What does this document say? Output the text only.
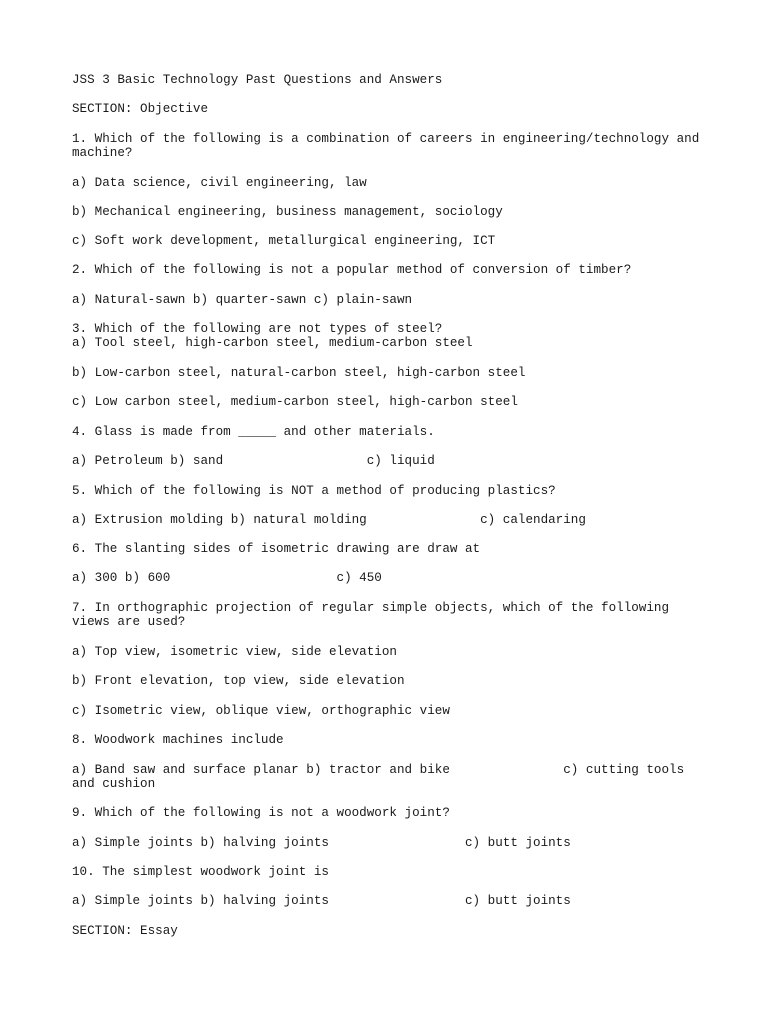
JSS 3 Basic Technology Past Questions and Answers
SECTION: Objective
1. Which of the following is a combination of careers in engineering/technology and
machine?
a) Data science, civil engineering, law
b) Mechanical engineering, business management, sociology
c) Soft work development, metallurgical engineering, ICT
2. Which of the following is not a popular method of conversion of timber?
a) Natural-sawn b) quarter-sawn c) plain-sawn
3. Which of the following are not types of steel?
a) Tool steel, high-carbon steel, medium-carbon steel
b) Low-carbon steel, natural-carbon steel, high-carbon steel
c) Low carbon steel, medium-carbon steel, high-carbon steel
4. Glass is made from _____ and other materials.
a) Petroleum b) sand                   c) liquid
5. Which of the following is NOT a method of producing plastics?
a) Extrusion molding b) natural molding               c) calendaring
6. The slanting sides of isometric drawing are draw at
a) 300 b) 600                      c) 450
7. In orthographic projection of regular simple objects, which of the following
views are used?
a) Top view, isometric view, side elevation
b) Front elevation, top view, side elevation
c) Isometric view, oblique view, orthographic view
8. Woodwork machines include
a) Band saw and surface planar b) tractor and bike               c) cutting tools
and cushion
9. Which of the following is not a woodwork joint?
a) Simple joints b) halving joints                  c) butt joints
10. The simplest woodwork joint is
a) Simple joints b) halving joints                  c) butt joints
SECTION: Essay
